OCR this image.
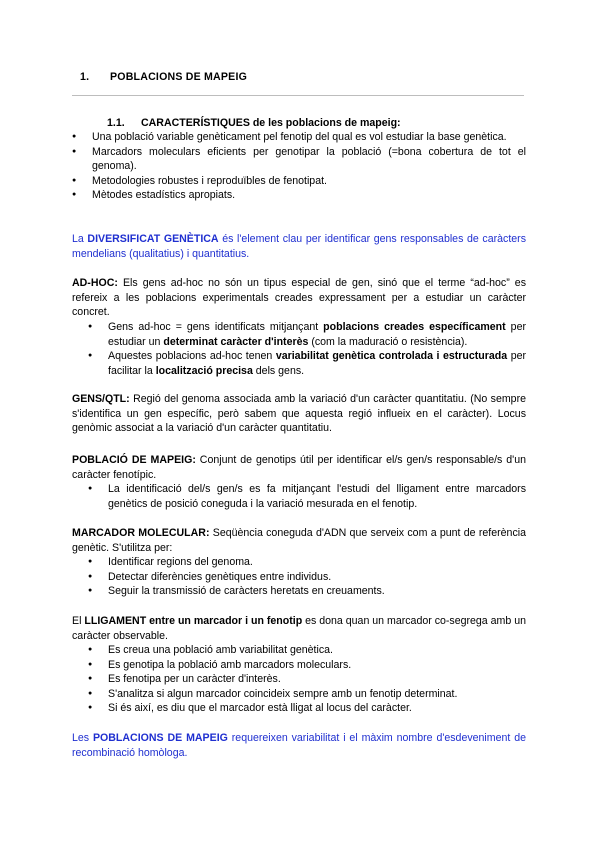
1. POBLACIONS DE MAPEIG
1.1. CARACTERÍSTIQUES de les poblacions de mapeig:
● Una població variable genèticament pel fenotip del qual es vol estudiar la base genètica.
● Marcadors moleculars eficients per genotipar la població (=bona cobertura de tot el genoma).
● Metodologies robustes i reproduïbles de fenotipat.
● Mètodes estadístics apropiats.
La DIVERSIFICAT GENÈTICA és l'element clau per identificar gens responsables de caràcters mendelians (qualitatius) i quantitatius.
AD-HOC: Els gens ad-hoc no són un tipus especial de gen, sinó que el terme “ad-hoc” es refereix a les poblacions experimentals creades expressament per a estudiar un caràcter concret.
● Gens ad-hoc = gens identificats mitjançant poblacions creades específicament per estudiar un determinat caràcter d'interès (com la maduració o resistència).
● Aquestes poblacions ad-hoc tenen variabilitat genètica controlada i estructurada per facilitar la localització precisa dels gens.
GENS/QTL: Regió del genoma associada amb la variació d'un caràcter quantitatiu. (No sempre s'identifica un gen específic, però sabem que aquesta regió influeix en el caràcter). Locus genòmic associat a la variació d'un caràcter quantitatiu.
POBLACIÓ DE MAPEIG: Conjunt de genotips útil per identificar el/s gen/s responsable/s d'un caràcter fenotípic.
● La identificació del/s gen/s es fa mitjançant l'estudi del lligament entre marcadors genètics de posició coneguda i la variació mesurada en el fenotip.
MARCADOR MOLECULAR: Seqüència coneguda d'ADN que serveix com a punt de referència genètic. S'utilitza per:
● Identificar regions del genoma.
● Detectar diferències genètiques entre individus.
● Seguir la transmissió de caràcters heretats en creuaments.
El LLIGAMENT entre un marcador i un fenotip es dona quan un marcador co-segrega amb un caràcter observable.
● Es creua una població amb variabilitat genètica.
● Es genotipa la població amb marcadors moleculars.
● Es fenotipa per un caràcter d'interès.
● S'analitza si algun marcador coincideix sempre amb un fenotip determinat.
● Si és així, es diu que el marcador està lligat al locus del caràcter.
Les POBLACIONS DE MAPEIG requereixen variabilitat i el màxim nombre d'esdeveniment de recombinació homòloga.
